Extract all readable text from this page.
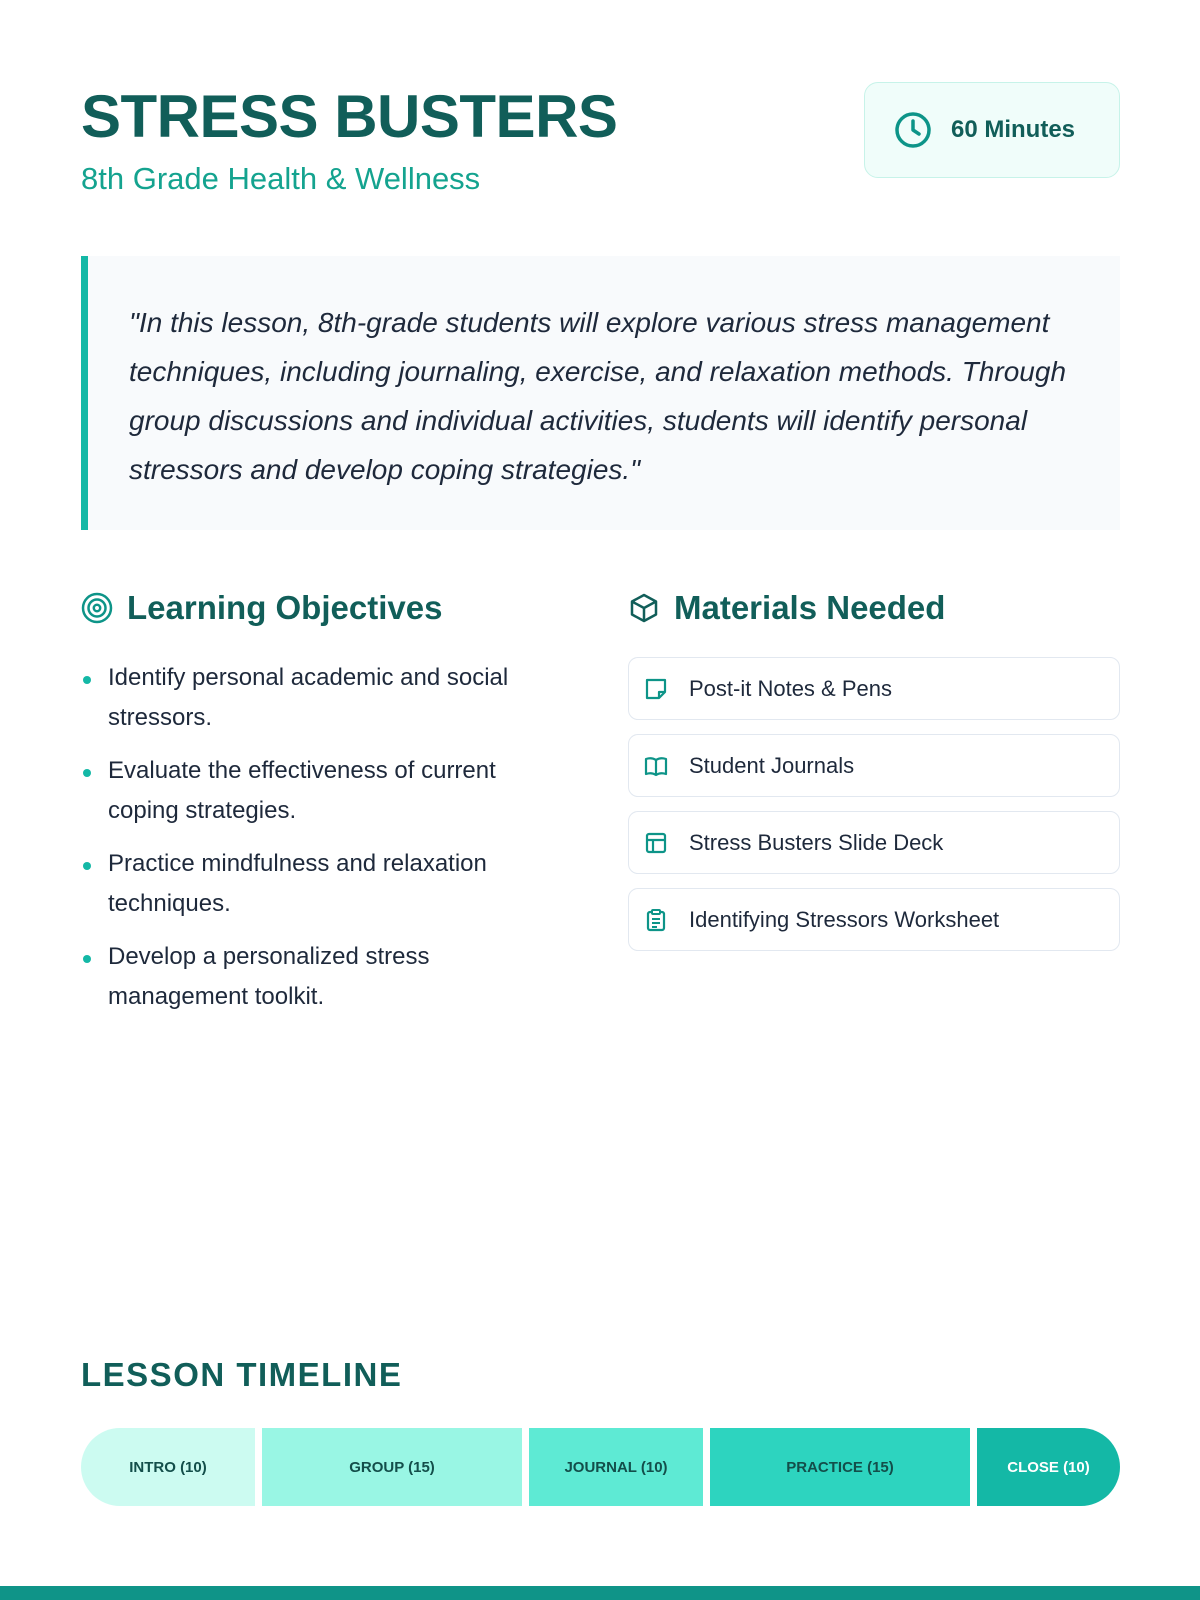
STRESS BUSTERS
8th Grade Health & Wellness
60 Minutes

"In this lesson, 8th-grade students will explore various stress management techniques, including journaling, exercise, and relaxation methods. Through group discussions and individual activities, students will identify personal stressors and develop coping strategies."

Learning Objectives
Identify personal academic and social stressors.
Evaluate the effectiveness of current coping strategies.
Practice mindfulness and relaxation techniques.
Develop a personalized stress management toolkit.
Materials Needed
Post-it Notes & Pens
Student Journals
Stress Busters Slide Deck
Identifying Stressors Worksheet
LESSON TIMELINE
INTRO (10)	GROUP (15)	JOURNAL (10)	PRACTICE (15)	CLOSE (10)
